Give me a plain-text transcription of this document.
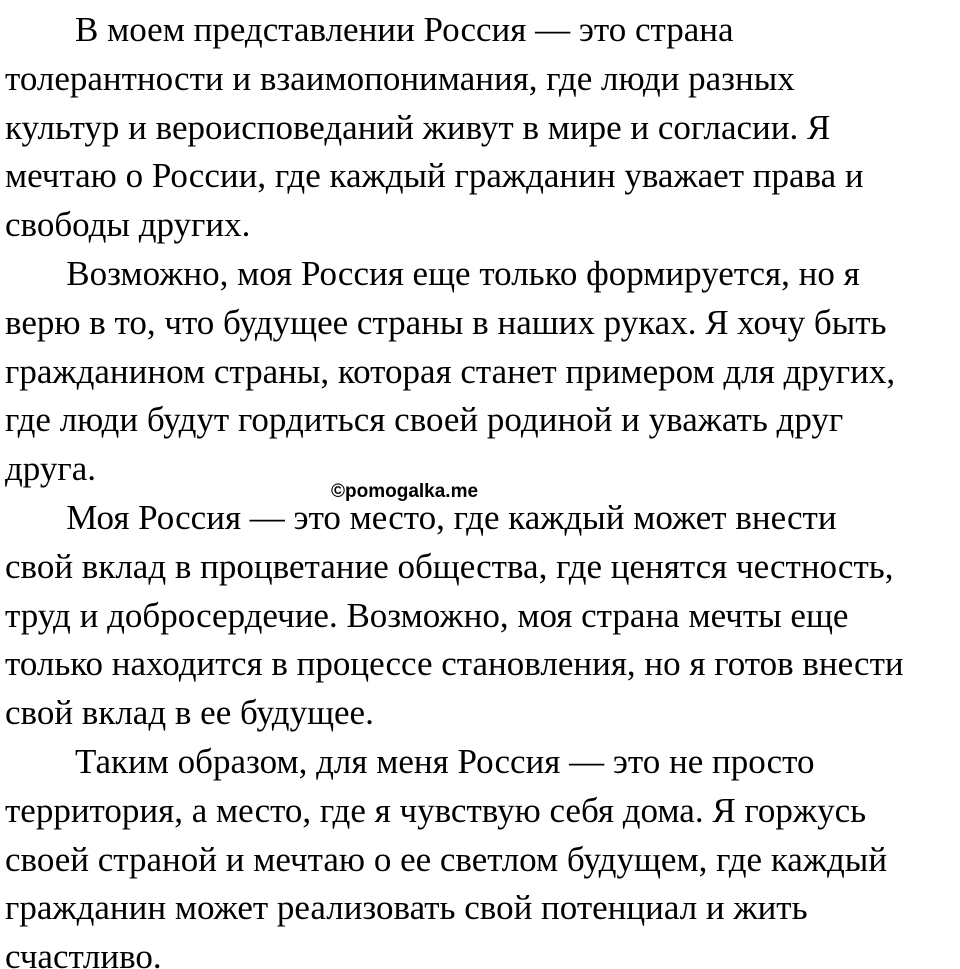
В моем представлении Россия — это страна
толерантности и взаимопонимания, где люди разных
культур и вероисповеданий живут в мире и согласии. Я
мечтаю о России, где каждый гражданин уважает права и
свободы других.
Возможно, моя Россия еще только формируется, но я
верю в то, что будущее страны в наших руках. Я хочу быть
гражданином страны, которая станет примером для других,
где люди будут гордиться своей родиной и уважать друг
друга.
Моя Россия — это место, где каждый может внести
свой вклад в процветание общества, где ценятся честность,
труд и добросердечие. Возможно, моя страна мечты еще
только находится в процессе становления, но я готов внести
свой вклад в ее будущее.
Таким образом, для меня Россия — это не просто
территория, а место, где я чувствую себя дома. Я горжусь
своей страной и мечтаю о ее светлом будущем, где каждый
гражданин может реализовать свой потенциал и жить
счастливо.
©pomogalka.me
